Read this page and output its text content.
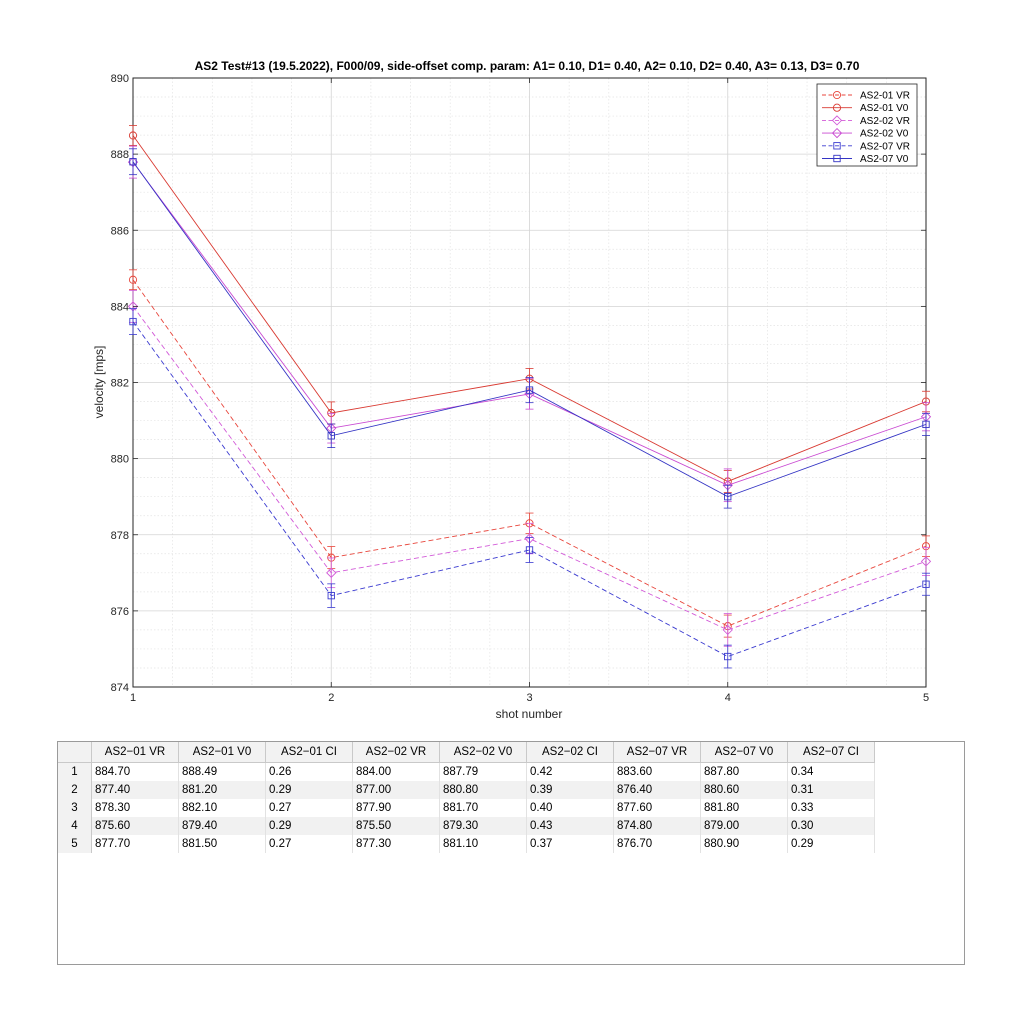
1	2	3	4	5
874
876
878
880
882
884
886
888
890
AS2 Test#13 (19.5.2022), F000/09, side-offset comp. param: A1= 0.10, D1= 0.40, A2= 0.10, D2= 0.40, A3= 0.13, D3= 0.70
shot number
velocity [mps]
AS2-01 VR
AS2-01 V0
AS2-02 VR
AS2-02 V0
AS2-07 VR
AS2-07 V0
	AS2−01 VR	AS2−01 V0	AS2−01 CI	AS2−02 VR	AS2−02 V0	AS2−02 CI	AS2−07 VR	AS2−07 V0	AS2−07 CI
1	884.70	888.49	0.26	884.00	887.79	0.42	883.60	887.80	0.34
2	877.40	881.20	0.29	877.00	880.80	0.39	876.40	880.60	0.31
3	878.30	882.10	0.27	877.90	881.70	0.40	877.60	881.80	0.33
4	875.60	879.40	0.29	875.50	879.30	0.43	874.80	879.00	0.30
5	877.70	881.50	0.27	877.30	881.10	0.37	876.70	880.90	0.29
